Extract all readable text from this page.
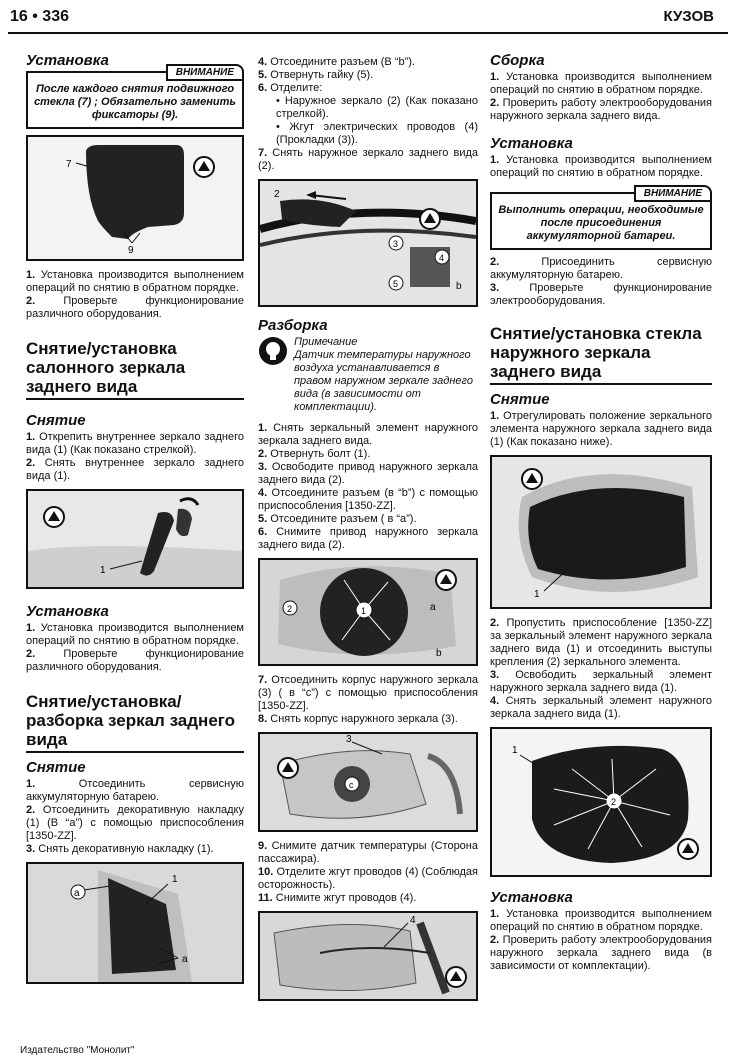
16 • 336	КУЗОВ
Установка
ВНИМАНИЕ
После каждого снятия подвижного стекла (7) ; Обязательно заменить фиксаторы (9).
7
9

1. Установка производится выполнением операций по снятию в обратном порядке.

2.	Проверьте функционирование различного оборудования.

Снятие/установка салонного зеркала заднего вида
Снятие

1. Открепить внутреннее зеркало заднего вида (1) (Как показано стрелкой).

2. Снять внутреннее зеркало заднего вида (1).

1
Установка

1. Установка производится выполнением операций по снятию в обратном порядке.

2.	Проверьте функционирование различного оборудования.

Снятие/установка/ разборка зеркал заднего вида
Снятие

1.	Отсоединить сервисную аккумуляторную батарею.

2. Отсоединить декоративную накладку (1) (В “а”) с помощью приспособления [1350-ZZ].

3. Снять декоративную накладку (1).

a
1
a

4. Отсоедините разъем (В “b”).

5. Отвернуть гайку (5).

6. Отделите:

• Наружное зеркало (2) (Как показано стрелкой).

• Жгут электрических проводов (4) (Прокладки (3)).

7. Снять наружное зеркало заднего вида (2).

2
3
4
5	b
Разборка
Примечание
Датчик температуры наружного воздуха устанавливается в правом наружном зеркале заднего вида (в зависимости от комплектации).

1. Снять зеркальный элемент наружного зеркала заднего вида.

2. Отвернуть болт (1).

3. Освободите привод наружного зеркала заднего вида (2).

4. Отсоедините разъем (в “b”) с помощью приспособления [1350-ZZ].

5. Отсоедините разъем ( в “а”).

6. Снимите привод наружного зеркала заднего вида (2).

2	1	a
b

7. Отсоединить корпус наружного зеркала (3) ( в “c”) с помощью приспособления [1350-ZZ].

8. Снять корпус наружного зеркала (3).

3
c

9. Снимите датчик температуры (Сторона пассажира).

10. Отделите жгут проводов (4) (Соблюдая осторожность).

11. Снимите жгут проводов (4).

4
Сборка

1. Установка производится выполнением операций по снятию в обратном порядке.

2. Проверить работу электрооборудования наружного зеркала заднего вида.

Установка

1. Установка производится выполнением операций по снятию в обратном порядке.

ВНИМАНИЕ
Выполнить операции, необходимые после присоединения аккумуляторной батареи.

2.	Присоединить сервисную аккумуляторную батарею.

3.	Проверьте функционирование электрооборудования.

Снятие/установка стекла наружного зеркала заднего вида
Снятие

1. Отрегулировать положение зеркального элемента наружного зеркала заднего вида (1) (Как показано ниже).

1

2. Пропустить приспособление [1350-ZZ] за зеркальный элемент наружного зеркала заднего вида (1) и отсоединить выступы крепления (2) зеркального элемента.

3. Освободить зеркальный элемент наружного зеркала заднего вида (1).

4. Снять зеркальный элемент наружного зеркала заднего вида (1).

1
2
Установка

1. Установка производится выполнением операций по снятию в обратном порядке.

2. Проверить работу электрооборудования наружного зеркала заднего вида (в зависимости от комплектации).

Издательство "Монолит"
